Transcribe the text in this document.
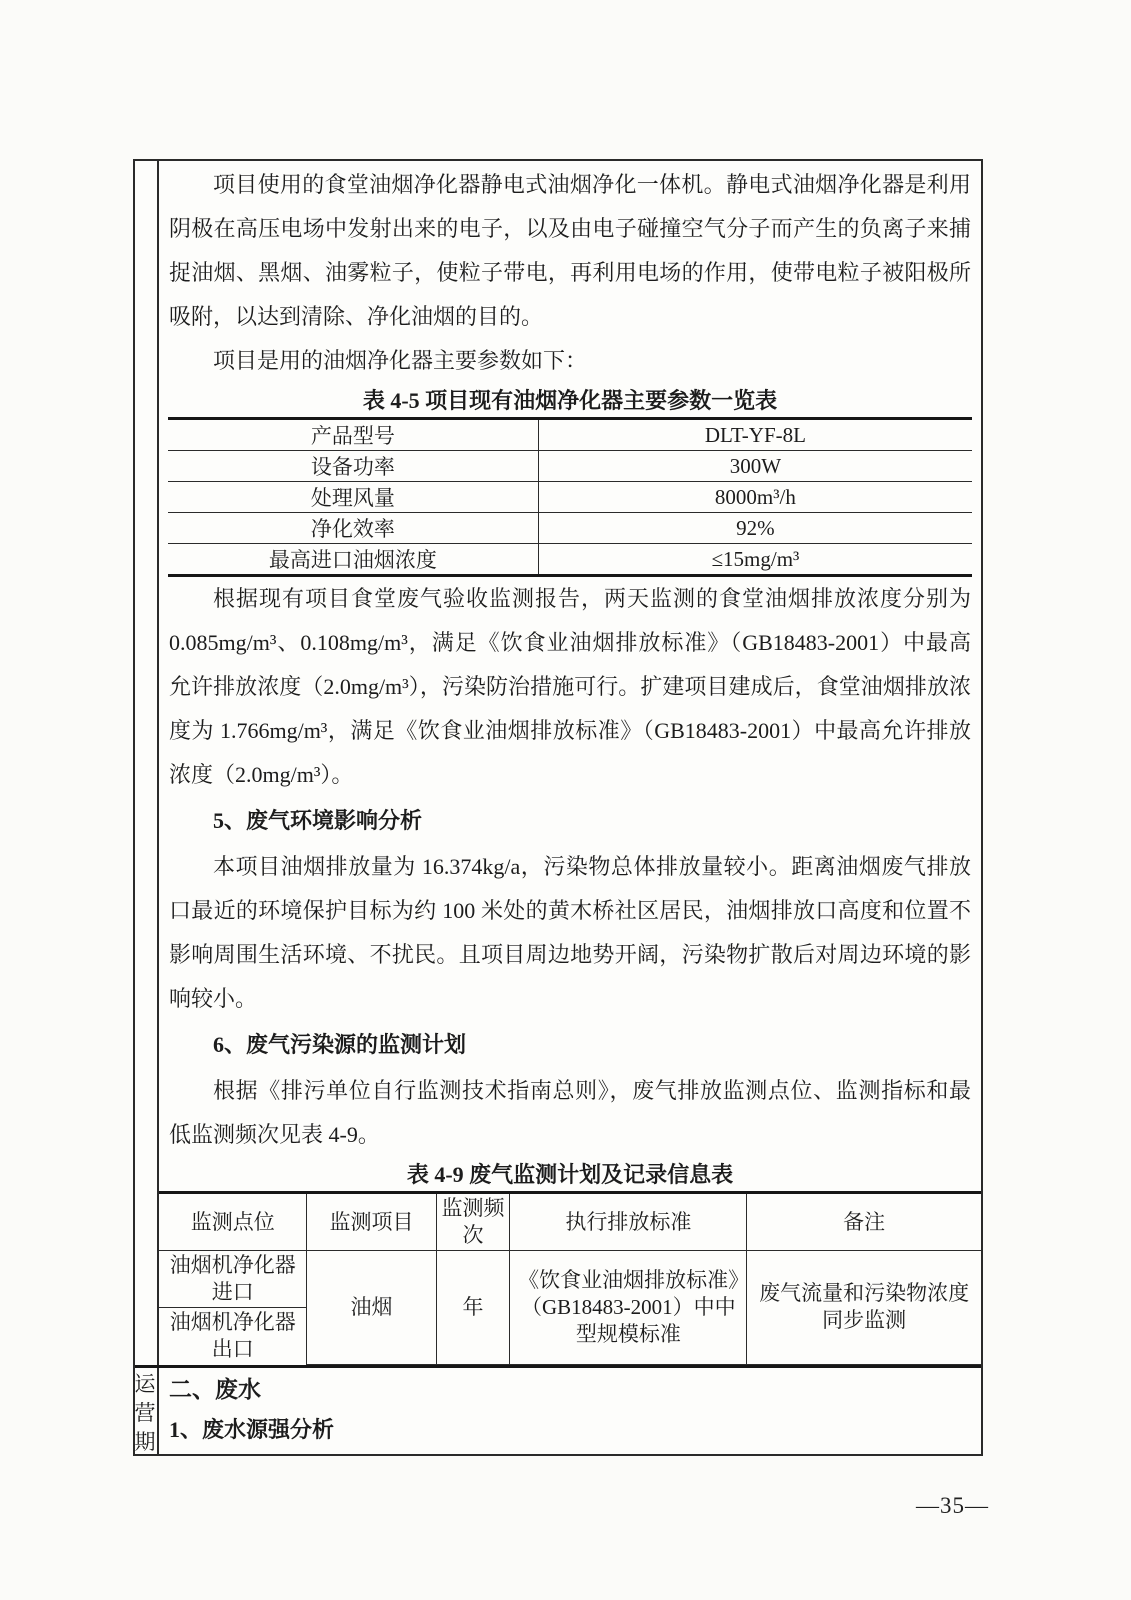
项目使用的食堂油烟净化器静电式油烟净化一体机。静电式油烟净化器是利用阴极在高压电场中发射出来的电子，以及由电子碰撞空气分子而产生的负离子来捕捉油烟、黑烟、油雾粒子，使粒子带电，再利用电场的作用，使带电粒子被阳极所吸附，以达到清除、净化油烟的目的。

项目是用的油烟净化器主要参数如下：

表 4-5 项目现有油烟净化器主要参数一览表
产品型号	DLT-YF-8L
设备功率	300W
处理风量	8000m³/h
净化效率	92%
最高进口油烟浓度	≤15mg/m³

根据现有项目食堂废气验收监测报告，两天监测的食堂油烟排放浓度分别为 0.085mg/m³、0.108mg/m³，满足《饮食业油烟排放标准》（GB18483-2001）中最高允许排放浓度（2.0mg/m³），污染防治措施可行。扩建项目建成后，食堂油烟排放浓度为 1.766mg/m³，满足《饮食业油烟排放标准》（GB18483-2001）中最高允许排放浓度（2.0mg/m³）。

5、废气环境影响分析

本项目油烟排放量为 16.374kg/a，污染物总体排放量较小。距离油烟废气排放口最近的环境保护目标为约 100 米处的黄木桥社区居民，油烟排放口高度和位置不影响周围生活环境、不扰民。且项目周边地势开阔，污染物扩散后对周边环境的影响较小。

6、废气污染源的监测计划

根据《排污单位自行监测技术指南总则》，废气排放监测点位、监测指标和最低监测频次见表 4-9。

表 4-9 废气监测计划及记录信息表
监测点位	监测项目	监测频次	执行排放标准	备注
油烟机净化器进口	油烟	年	《饮食业油烟排放标准》（GB18483-2001）中中型规模标准	废气流量和污染物浓度同步监测
油烟机净化器出口				
运营期
二、废水
1、废水源强分析
—35—
